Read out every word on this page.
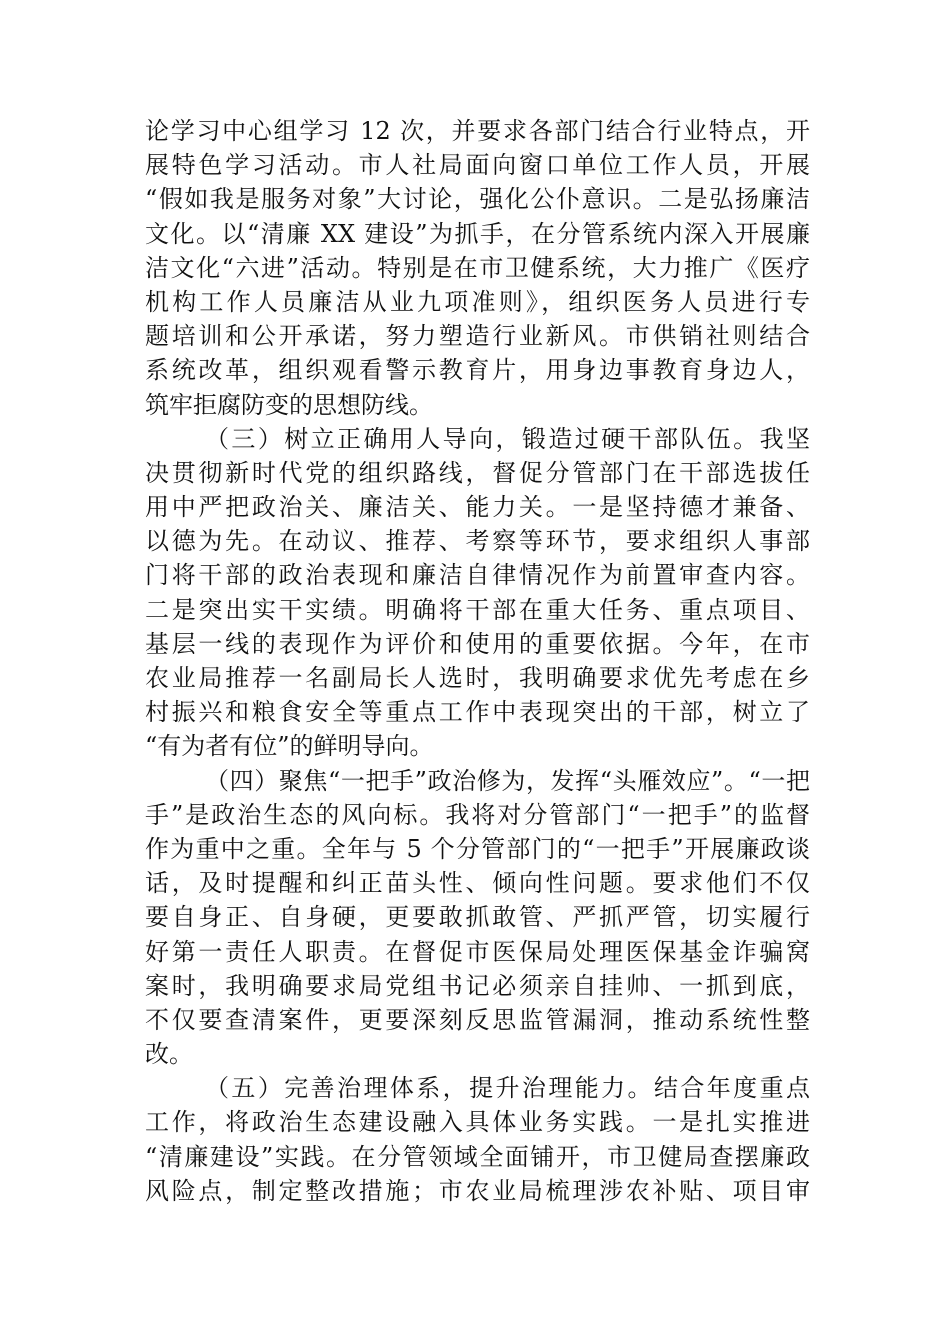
论学习中心组学习 12 次，并要求各部门结合行业特点，开
展特色学习活动。市人社局面向窗口单位工作人员，开展
“假如我是服务对象”大讨论，强化公仆意识。二是弘扬廉洁
文化。以“清廉 XX 建设”为抓手，在分管系统内深入开展廉
洁文化“六进”活动。特别是在市卫健系统，大力推广《医疗
机构工作人员廉洁从业九项准则》，组织医务人员进行专
题培训和公开承诺，努力塑造行业新风。市供销社则结合
系统改革，组织观看警示教育片，用身边事教育身边人，
筑牢拒腐防变的思想防线。
（三）树立正确用人导向，锻造过硬干部队伍。我坚
决贯彻新时代党的组织路线，督促分管部门在干部选拔任
用中严把政治关、廉洁关、能力关。一是坚持德才兼备、
以德为先。在动议、推荐、考察等环节，要求组织人事部
门将干部的政治表现和廉洁自律情况作为前置审查内容。
二是突出实干实绩。明确将干部在重大任务、重点项目、
基层一线的表现作为评价和使用的重要依据。今年，在市
农业局推荐一名副局长人选时，我明确要求优先考虑在乡
村振兴和粮食安全等重点工作中表现突出的干部，树立了
“有为者有位”的鲜明导向。
（四）聚焦“一把手”政治修为，发挥“头雁效应”。“一把
手”是政治生态的风向标。我将对分管部门“一把手”的监督
作为重中之重。全年与 5 个分管部门的“一把手”开展廉政谈
话，及时提醒和纠正苗头性、倾向性问题。要求他们不仅
要自身正、自身硬，更要敢抓敢管、严抓严管，切实履行
好第一责任人职责。在督促市医保局处理医保基金诈骗窝
案时，我明确要求局党组书记必须亲自挂帅、一抓到底，
不仅要查清案件，更要深刻反思监管漏洞，推动系统性整
改。
（五）完善治理体系，提升治理能力。结合年度重点
工作，将政治生态建设融入具体业务实践。一是扎实推进
“清廉建设”实践。在分管领域全面铺开，市卫健局查摆廉政
风险点，制定整改措施；市农业局梳理涉农补贴、项目审
